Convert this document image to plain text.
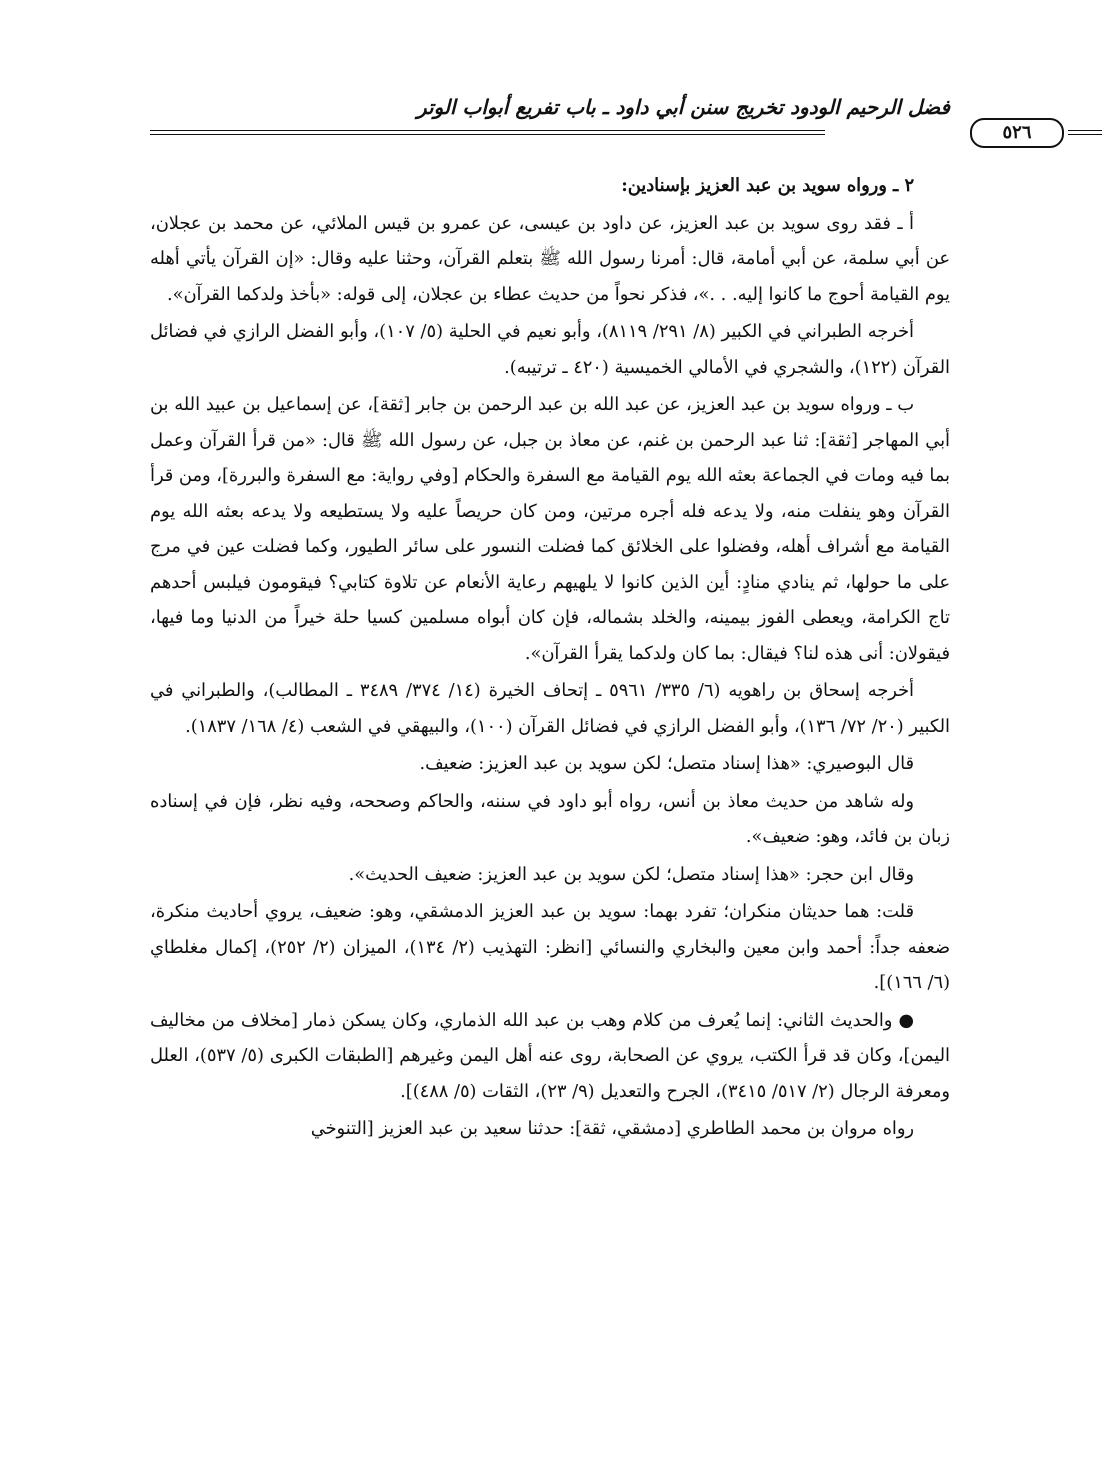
فضل الرحيم الودود تخريج سنن أبي داود ـ باب تفريع أبواب الوتر
٥٢٦

٢ ـ ورواه سويد بن عبد العزيز بإسنادين:

أ ـ فقد روى سويد بن عبد العزيز، عن داود بن عيسى، عن عمرو بن قيس الملائي، عن محمد بن عجلان، عن أبي سلمة، عن أبي أمامة، قال: أمرنا رسول الله ﷺ بتعلم القرآن، وحثنا عليه وقال: «إن القرآن يأتي أهله يوم القيامة أحوج ما كانوا إليه. . .»، فذكر نحواً من حديث عطاء بن عجلان، إلى قوله: «بأخذ ولدكما القرآن».

أخرجه الطبراني في الكبير (٨/ ٢٩١/ ٨١١٩)، وأبو نعيم في الحلية (٥/ ١٠٧)، وأبو الفضل الرازي في فضائل القرآن (١٢٢)، والشجري في الأمالي الخميسية (٤٢٠ ـ ترتيبه).

ب ـ ورواه سويد بن عبد العزيز، عن عبد الله بن عبد الرحمن بن جابر [ثقة]، عن إسماعيل بن عبيد الله بن أبي المهاجر [ثقة]: ثنا عبد الرحمن بن غنم، عن معاذ بن جبل، عن رسول الله ﷺ قال: «من قرأ القرآن وعمل بما فيه ومات في الجماعة بعثه الله يوم القيامة مع السفرة والحكام [وفي رواية: مع السفرة والبررة]، ومن قرأ القرآن وهو ينفلت منه، ولا يدعه فله أجره مرتين، ومن كان حريصاً عليه ولا يستطيعه ولا يدعه بعثه الله يوم القيامة مع أشراف أهله، وفضلوا على الخلائق كما فضلت النسور على سائر الطيور، وكما فضلت عين في مرج على ما حولها، ثم ينادي منادٍ: أين الذين كانوا لا يلهيهم رعاية الأنعام عن تلاوة كتابي؟ فيقومون فيلبس أحدهم تاج الكرامة، ويعطى الفوز بيمينه، والخلد بشماله، فإن كان أبواه مسلمين كسيا حلة خيراً من الدنيا وما فيها، فيقولان: أنى هذه لنا؟ فيقال: بما كان ولدكما يقرأ القرآن».

أخرجه إسحاق بن راهويه (٦/ ٣٣٥/ ٥٩٦١ ـ إتحاف الخيرة (١٤/ ٣٧٤/ ٣٤٨٩ ـ المطالب)، والطبراني في الكبير (٢٠/ ٧٢/ ١٣٦)، وأبو الفضل الرازي في فضائل القرآن (١٠٠)، والبيهقي في الشعب (٤/ ١٦٨/ ١٨٣٧).

قال البوصيري: «هذا إسناد متصل؛ لكن سويد بن عبد العزيز: ضعيف.

وله شاهد من حديث معاذ بن أنس، رواه أبو داود في سننه، والحاكم وصححه، وفيه نظر، فإن في إسناده زبان بن فائد، وهو: ضعيف».

وقال ابن حجر: «هذا إسناد متصل؛ لكن سويد بن عبد العزيز: ضعيف الحديث».

قلت: هما حديثان منكران؛ تفرد بهما: سويد بن عبد العزيز الدمشقي، وهو: ضعيف، يروي أحاديث منكرة، ضعفه جداً: أحمد وابن معين والبخاري والنسائي [انظر: التهذيب (٢/ ١٣٤)، الميزان (٢/ ٢٥٢)، إكمال مغلطاي (٦/ ١٦٦)].

● والحديث الثاني: إنما يُعرف من كلام وهب بن عبد الله الذماري، وكان يسكن ذمار [مخلاف من مخاليف اليمن]، وكان قد قرأ الكتب، يروي عن الصحابة، روى عنه أهل اليمن وغيرهم [الطبقات الكبرى (٥/ ٥٣٧)، العلل ومعرفة الرجال (٢/ ٥١٧/ ٣٤١٥)، الجرح والتعديل (٩/ ٢٣)، الثقات (٥/ ٤٨٨)].

رواه مروان بن محمد الطاطري [دمشقي، ثقة]: حدثنا سعيد بن عبد العزيز [التنوخي
